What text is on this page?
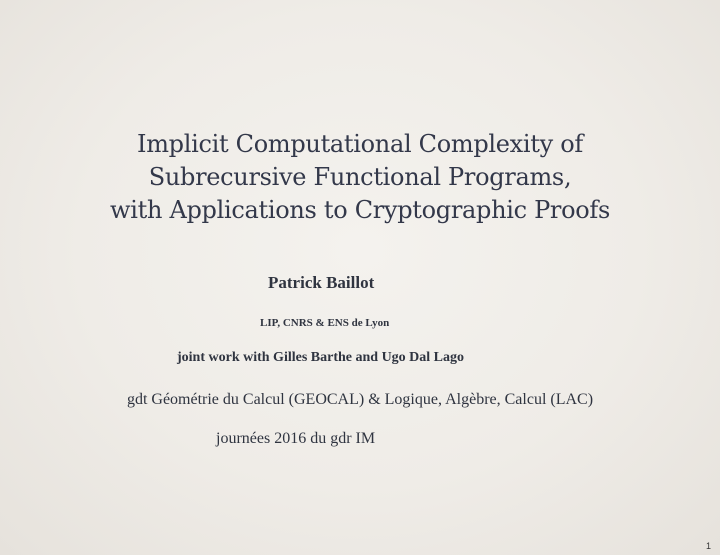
Implicit Computational Complexity of
Subrecursive Functional Programs,
with Applications to Cryptographic Proofs
Patrick Baillot
LIP, CNRS & ENS de Lyon
joint work with Gilles Barthe and Ugo Dal Lago
gdt Géométrie du Calcul (GEOCAL) & Logique, Algèbre, Calcul (LAC)
journées 2016 du gdr IM
1
